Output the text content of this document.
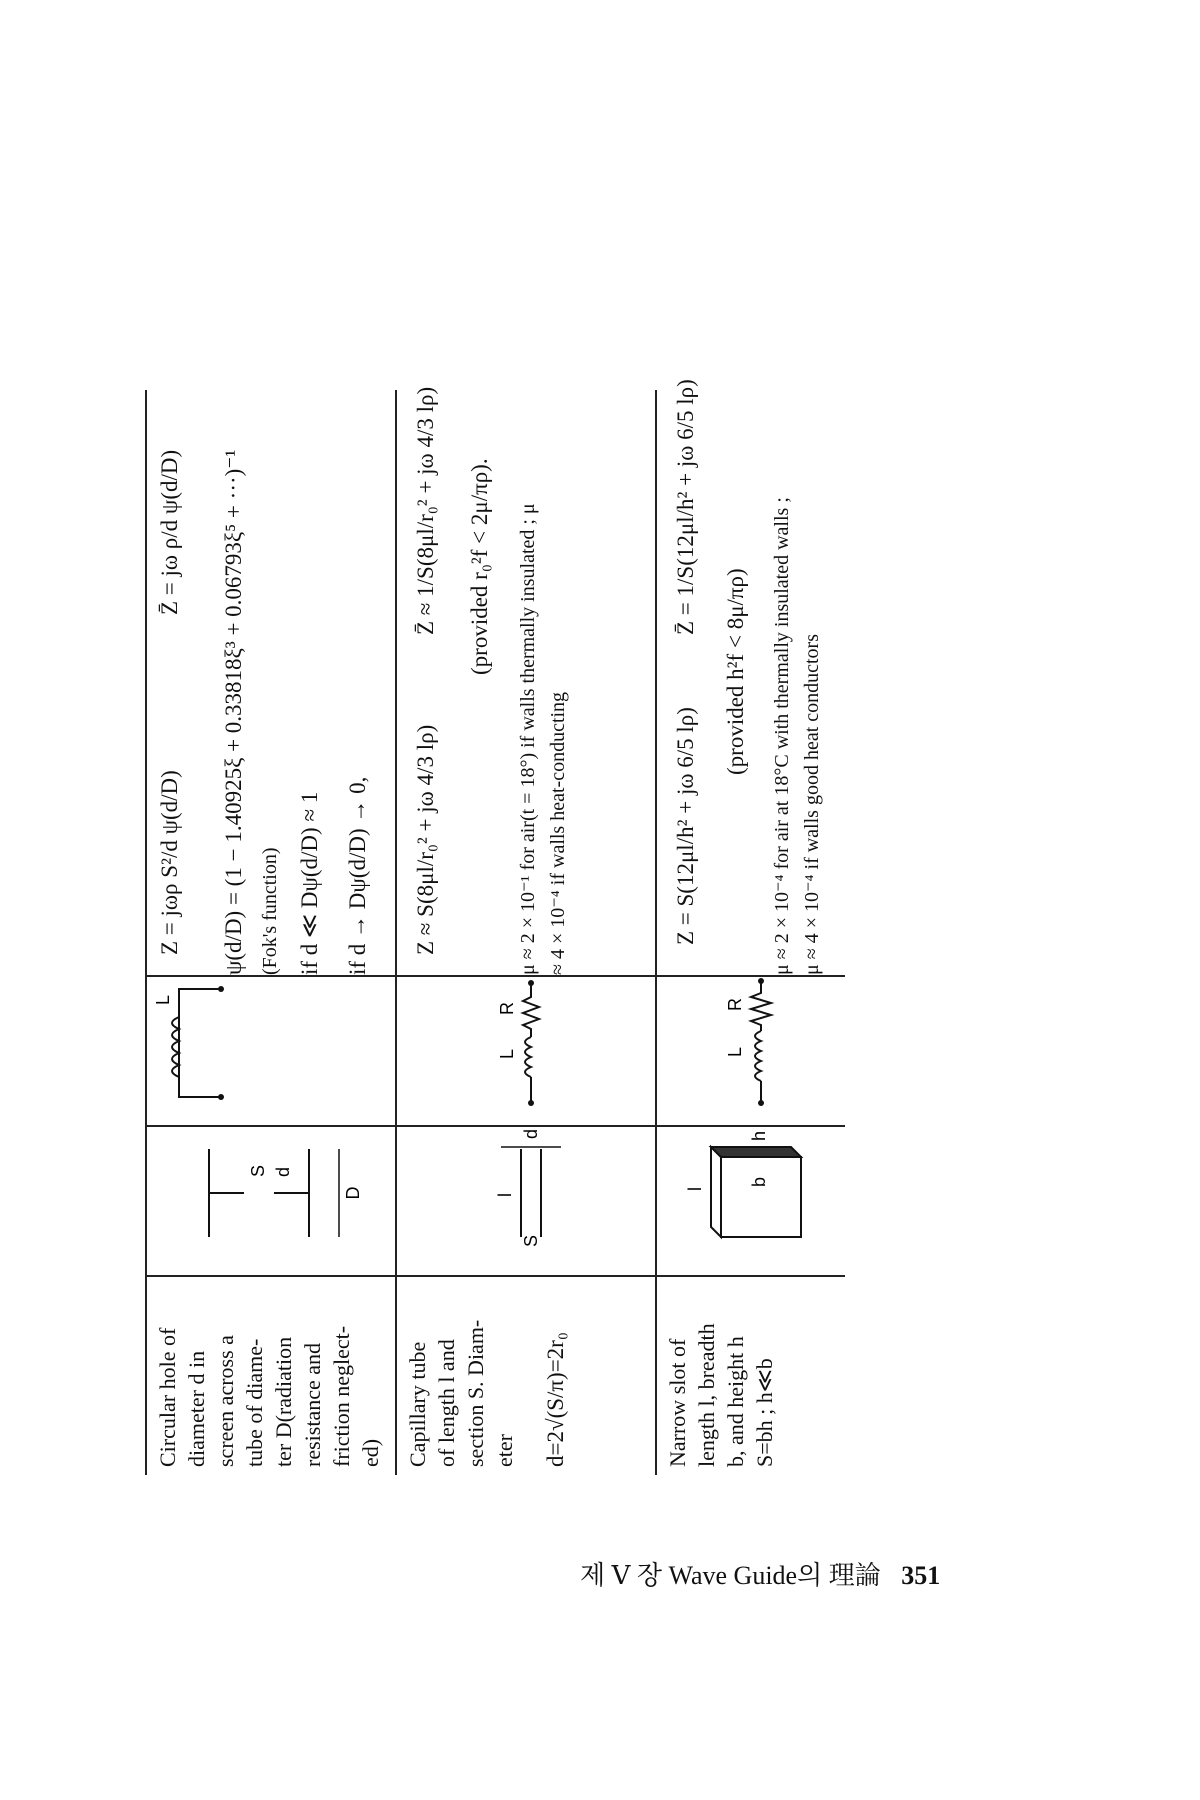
Circular hole of diameter d in screen across a tube of diame- ter D(radiation resistance and friction neglect- ed)

D
S d
L
Z = jωρ S²/d ψ(d/D)
Z̄ = jω ρ/d ψ(d/D) ψ(d/D) = (1 − 1.40925ξ + 0.33818ξ³ + 0.06793ξ⁵ + ···)⁻¹ (Fok's function) if d ≪ Dψ(d/D) ≈ 1 if d → Dψ(d/D) → 0,

Capillary tube of length l and section S. Diam- eter d=2√(S/π)=2r₀

l
S
d
L
R
Z ≈ S(8μl/r₀² + jω 4/3 lρ)
Z̄ ≈ 1/S(8μl/r₀² + jω 4/3 lρ) (provided r₀²f < 2μ/πρ). μ ≈ 2 × 10⁻¹ for air(t = 18°) if walls thermally insulated ; μ ≈ 4 × 10⁻⁴ if walls heat-conducting

Narrow slot of length l, breadth b, and height h S=bh ; h≪b

l
b
h
L
R
Z = S(12μl/h² + jω 6/5 lρ)
Z̄ = 1/S(12μl/h² + jω 6/5 lρ)
(provided h²f < 8μ/πρ) μ ≈ 2 × 10⁻⁴ for air at 18°C with thermally insulated walls ; μ ≈ 4 × 10⁻⁴ if walls good heat conductors
제 Ⅴ 장 Wave Guide의 理論 351
